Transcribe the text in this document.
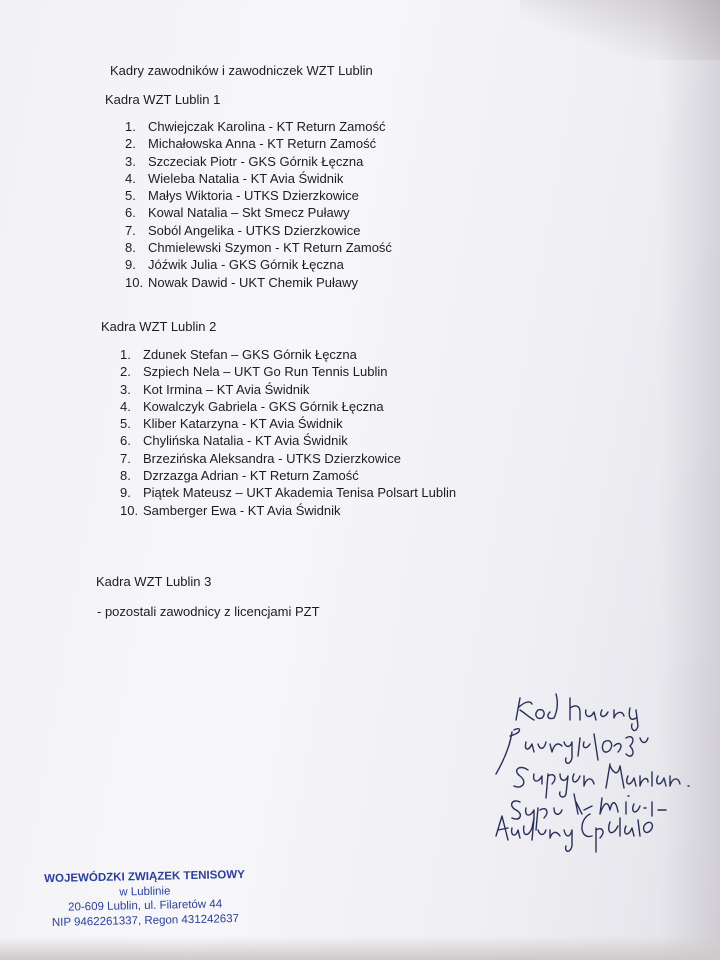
Kadry zawodników i zawodniczek WZT Lublin
Kadra WZT Lublin 1
1. Chwiejczak Karolina - KT Return Zamość
2. Michałowska Anna - KT Return Zamość
3. Szczeciak Piotr - GKS Górnik Łęczna
4. Wieleba Natalia - KT Avia Świdnik
5. Małys Wiktoria - UTKS Dzierzkowice
6. Kowal Natalia – Skt Smecz Puławy
7. Soból Angelika - UTKS Dzierzkowice
8. Chmielewski Szymon - KT Return Zamość
9. Jóźwik Julia - GKS Górnik Łęczna
10. Nowak Dawid - UKT Chemik Puławy
Kadra WZT Lublin 2
1. Zdunek Stefan – GKS Górnik Łęczna
2. Szpiech Nela – UKT Go Run Tennis Lublin
3. Kot Irmina – KT Avia Świdnik
4. Kowalczyk Gabriela - GKS Górnik Łęczna
5. Kliber Katarzyna - KT Avia Świdnik
6. Chylińska Natalia - KT Avia Świdnik
7. Brzezińska Aleksandra - UTKS Dzierzkowice
8. Dzrzazga Adrian - KT Return Zamość
9. Piątek Mateusz – UKT Akademia Tenisa Polsart Lublin
10. Samberger Ewa - KT Avia Świdnik
Kadra WZT Lublin 3
- pozostali zawodnicy z licencjami PZT
WOJEWÓDZKI ZWIĄZEK TENISOWY
w Lublinie
20-609 Lublin, ul. Filaretów 44
NIP 9462261337, Regon 431242637
